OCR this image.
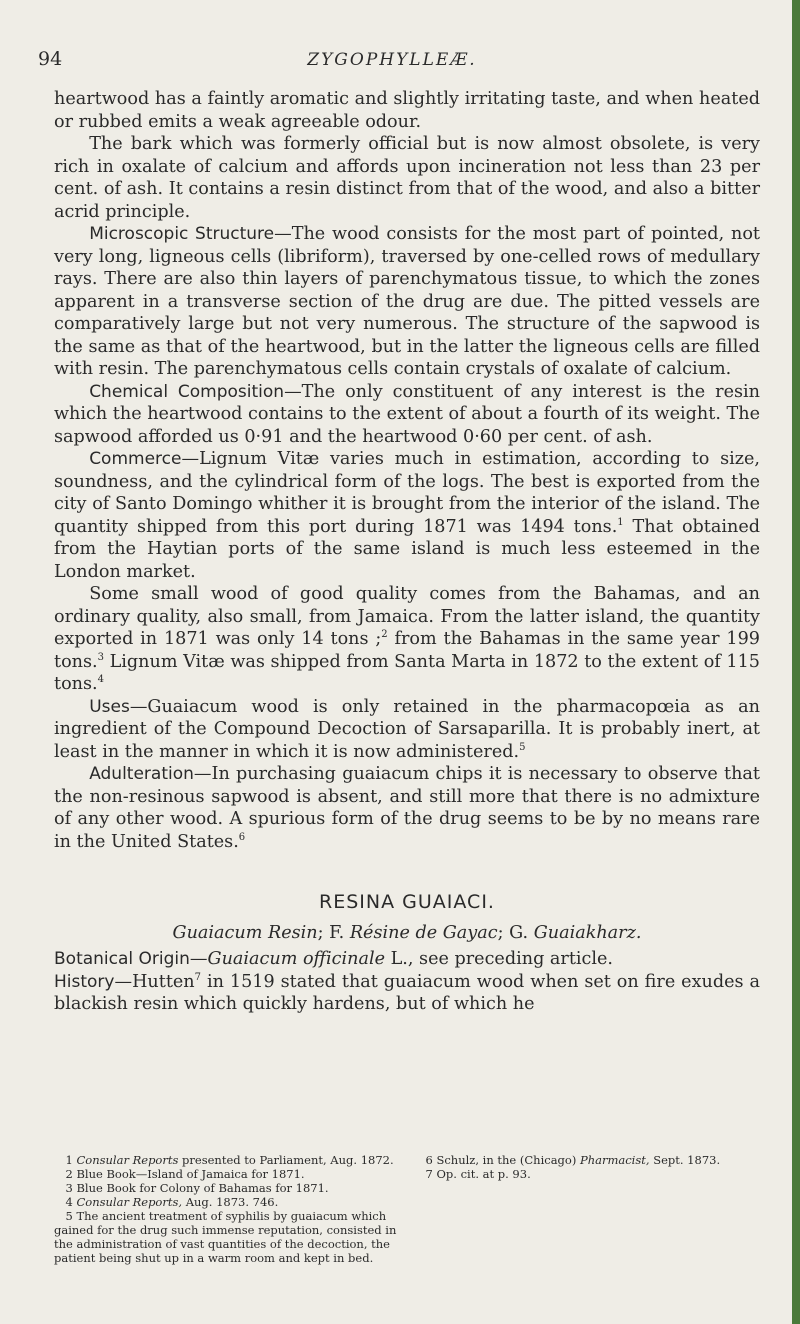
94	ZYGOPHYLLEÆ.

heartwood has a faintly aromatic and slightly irritating taste, and when heated or rubbed emits a weak agreeable odour.

The bark which was formerly official but is now almost obsolete, is very rich in oxalate of calcium and affords upon incineration not less than 23 per cent. of ash. It contains a resin distinct from that of the wood, and also a bitter acrid principle.

Microscopic Structure—The wood consists for the most part of pointed, not very long, ligneous cells (libriform), traversed by one-celled rows of medullary rays. There are also thin layers of parenchymatous tissue, to which the zones apparent in a transverse section of the drug are due. The pitted vessels are comparatively large but not very numerous. The structure of the sapwood is the same as that of the heartwood, but in the latter the ligneous cells are filled with resin. The parenchymatous cells contain crystals of oxalate of calcium.

Chemical Composition—The only constituent of any interest is the resin which the heartwood contains to the extent of about a fourth of its weight. The sapwood afforded us 0·91 and the heartwood 0·60 per cent. of ash.

Commerce—Lignum Vitæ varies much in estimation, according to size, soundness, and the cylindrical form of the logs. The best is exported from the city of Santo Domingo whither it is brought from the interior of the island. The quantity shipped from this port during 1871 was 1494 tons.$^1$ That obtained from the Haytian ports of the same island is much less esteemed in the London market.

Some small wood of good quality comes from the Bahamas, and an ordinary quality, also small, from Jamaica. From the latter island, the quantity exported in 1871 was only 14 tons ;$^2$ from the Bahamas in the same year 199 tons.$^3$ Lignum Vitæ was shipped from Santa Marta in 1872 to the extent of 115 tons.$^4$

Uses—Guaiacum wood is only retained in the pharmacopœia as an ingredient of the Compound Decoction of Sarsaparilla. It is probably inert, at least in the manner in which it is now administered.$^5$

Adulteration—In purchasing guaiacum chips it is necessary to observe that the non-resinous sapwood is absent, and still more that there is no admixture of any other wood. A spurious form of the drug seems to be by no means rare in the United States.$^6$

RESINA GUAIACI.
Guaiacum Resin; F. Résine de Gayac; G. Guaiakharz.

Botanical Origin—Guaiacum officinale L., see preceding article.

History—Hutten$^7$ in 1519 stated that guaiacum wood when set on fire exudes a blackish resin which quickly hardens, but of which he

1 Consular Reports presented to Parliament, Aug. 1872.

2 Blue Book—Island of Jamaica for 1871.

3 Blue Book for Colony of Bahamas for 1871.

4 Consular Reports, Aug. 1873. 746.

5 The ancient treatment of syphilis by guaiacum which gained for the drug such immense reputation, consisted in the administration of vast quantities of the decoction, the patient being shut up in a warm room and kept in bed.

6 Schulz, in the (Chicago) Pharmacist, Sept. 1873.

7 Op. cit. at p. 93.
